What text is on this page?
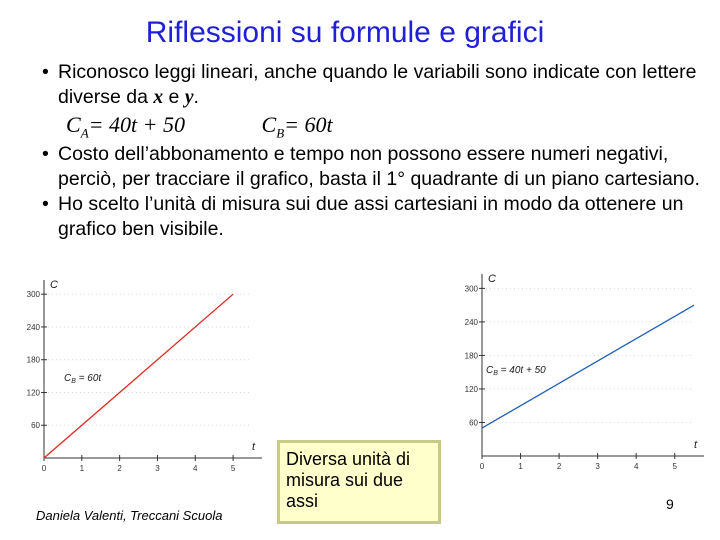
Riflessioni su formule e grafici
• Riconosco leggi lineari, anche quando le variabili sono indicate con lettere diverse da x e y.
$C_A= 40t + 50$	$C_B= 60t$
• Costo dell’abbonamento e tempo non possono essere numeri negativi, perciò, per tracciare il grafico, basta il 1° quadrante di un piano cartesiano.
• Ho scelto l’unità di misura sui due assi cartesiani in modo da ottenere un grafico ben visibile.
0	1	2	3	4	5
60
120
180
240
300
t
C
$C_B = 60t$
0	1	2	3	4	5
60
120
180
240
300
t
C
$C_B = 40t + 50$
Diversa unità di misura sui due assi
Daniela Valenti, Treccani Scuola
9
